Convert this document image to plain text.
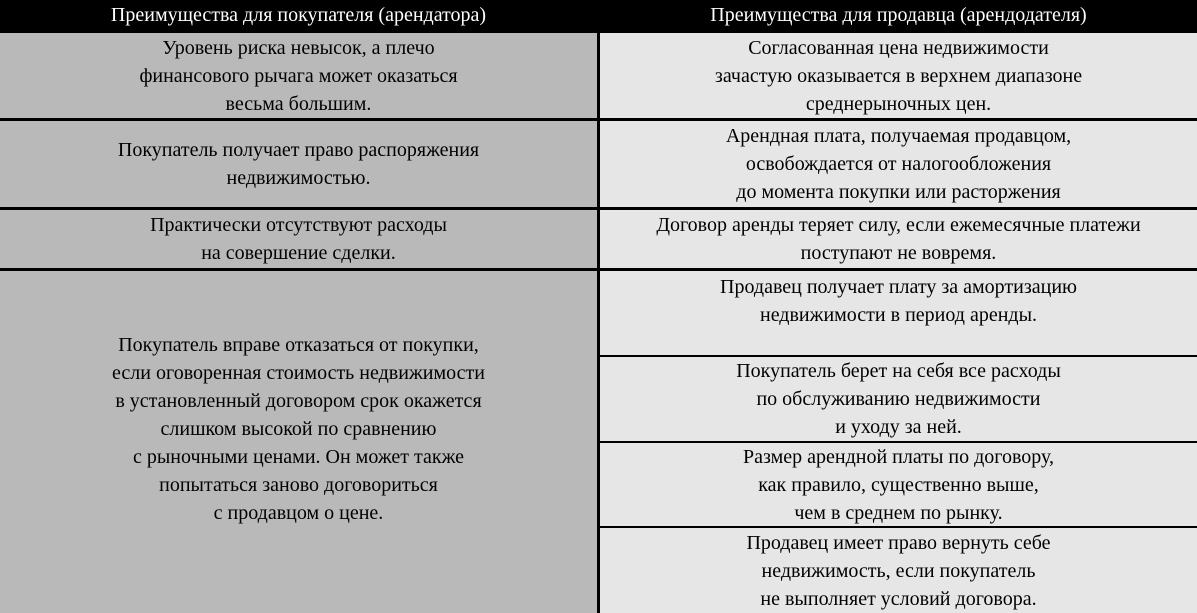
Преимущества для покупателя (арендатора)	Преимущества для продавца (арендодателя)
Уровень риска невысок, а плечо
финансового рычага может оказаться
весьма большим.
Покупатель получает право распоряжения
недвижимостью.
Практически отсутствуют расходы
на совершение сделки.
Покупатель вправе отказаться от покупки,
если оговоренная стоимость недвижимости
в установленный договором срок окажется
слишком высокой по сравнению
с рыночными ценами. Он может также
попытаться заново договориться
с продавцом о цене.
Согласованная цена недвижимости
зачастую оказывается в верхнем диапазоне
среднерыночных цен.
Арендная плата, получаемая продавцом,
освобождается от налогообложения
до момента покупки или расторжения
Договор аренды теряет силу, если ежемесячные платежи
поступают не вовремя.
Продавец получает плату за амортизацию
недвижимости в период аренды.
Покупатель берет на себя все расходы
по обслуживанию недвижимости
и уходу за ней.
Размер арендной платы по договору,
как правило, существенно выше,
чем в среднем по рынку.
Продавец имеет право вернуть себе
недвижимость, если покупатель
не выполняет условий договора.
